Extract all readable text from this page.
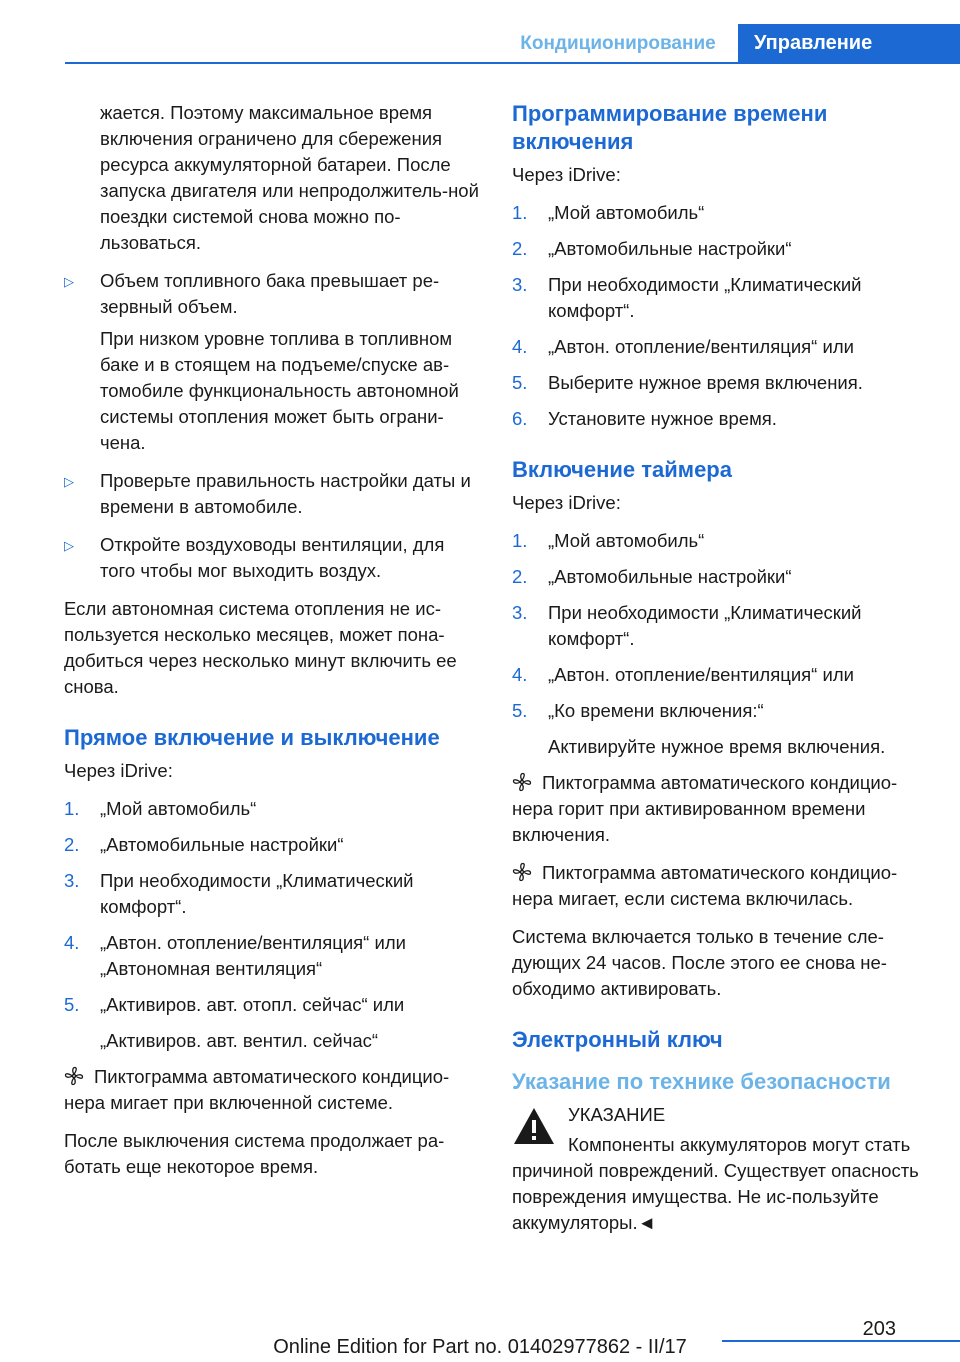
Кондиционирование	Управление
жается. Поэтому максимальное время включения ограничено для сбережения ресурса аккумуляторной батареи. После запуска двигателя или непродолжитель-ной поездки системой снова можно по-льзоваться.
▷ Объем топливного бака превышает ре-зервный объем.
При низком уровне топлива в топливном баке и в стоящем на подъеме/спуске ав-томобиле функциональность автономной системы отопления может быть ограни-чена.
▷ Проверьте правильность настройки даты и времени в автомобиле.
▷ Откройте воздуховоды вентиляции, для того чтобы мог выходить воздух.
Если автономная система отопления не ис-пользуется несколько месяцев, может пона-добиться через несколько минут включить ее снова.
Прямое включение и выключение
Через iDrive:
1. „Мой автомобиль“
2. „Автомобильные настройки“
3. При необходимости „Климатический комфорт“.
4. „Автон. отопление/вентиляция“ или „Автономная вентиляция“
5. „Активиров. авт. отопл. сейчас“ или
„Активиров. авт. вентил. сейчас“
Пиктограмма автоматического кондицио-нера мигает при включенной системе.
После выключения система продолжает ра-ботать еще некоторое время.
Программирование времени включения
Через iDrive:
1. „Мой автомобиль“
2. „Автомобильные настройки“
3. При необходимости „Климатический комфорт“.
4. „Автон. отопление/вентиляция“ или
5. Выберите нужное время включения.
6. Установите нужное время.
Включение таймера
Через iDrive:
1. „Мой автомобиль“
2. „Автомобильные настройки“
3. При необходимости „Климатический комфорт“.
4. „Автон. отопление/вентиляция“ или
5. „Ко времени включения:“
Активируйте нужное время включения.
Пиктограмма автоматического кондицио-нера горит при активированном времени включения.
Пиктограмма автоматического кондицио-нера мигает, если система включилась.
Система включается только в течение сле-дующих 24 часов. После этого ее снова не-обходимо активировать.
Электронный ключ
Указание по технике безопасности
УКАЗАНИЕ
Компоненты аккумуляторов могут стать причиной повреждений. Существует опасность повреждения имущества. Не ис-пользуйте аккумуляторы.◄
203
Online Edition for Part no. 01402977862 - II/17
